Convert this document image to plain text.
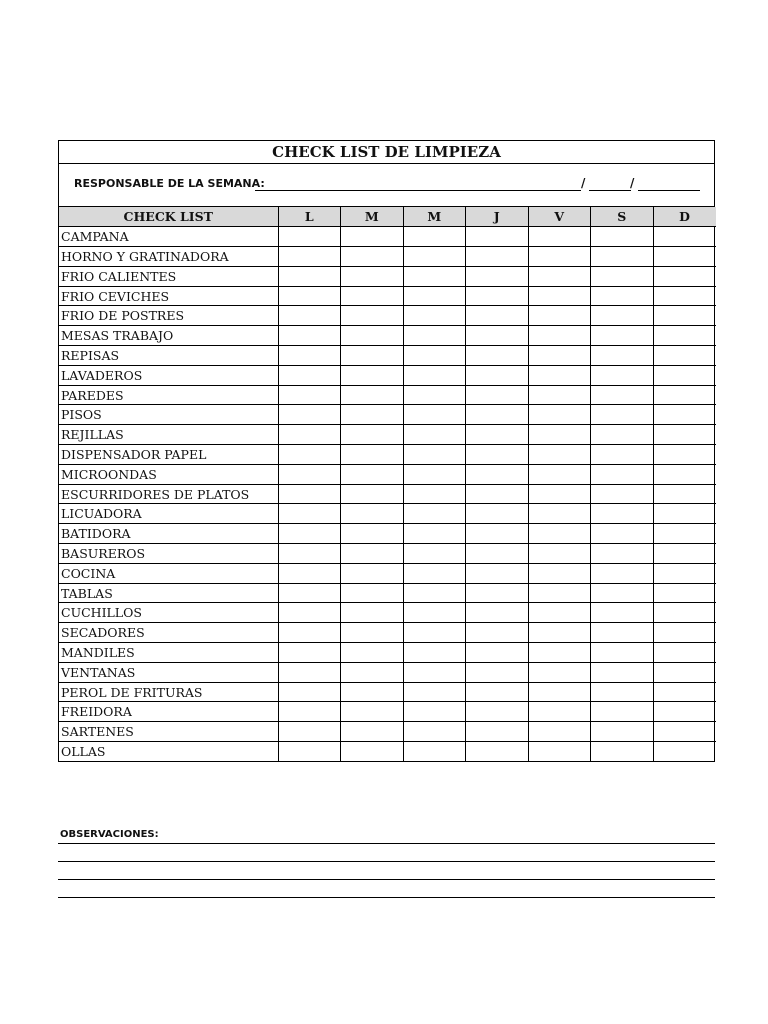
CHECK LIST DE LIMPIEZA
RESPONSABLE DE LA SEMANA:	/	/
CHECK LIST	L	M	M	J	V	S	D
CAMPANA							
HORNO Y GRATINADORA							
FRIO CALIENTES							
FRIO CEVICHES							
FRIO DE POSTRES							
MESAS TRABAJO							
REPISAS							
LAVADEROS							
PAREDES							
PISOS							
REJILLAS							
DISPENSADOR PAPEL							
MICROONDAS							
ESCURRIDORES DE PLATOS							
LICUADORA							
BATIDORA							
BASUREROS							
COCINA							
TABLAS							
CUCHILLOS							
SECADORES							
MANDILES							
VENTANAS							
PEROL DE FRITURAS							
FREIDORA							
SARTENES							
OLLAS							
OBSERVACIONES:
